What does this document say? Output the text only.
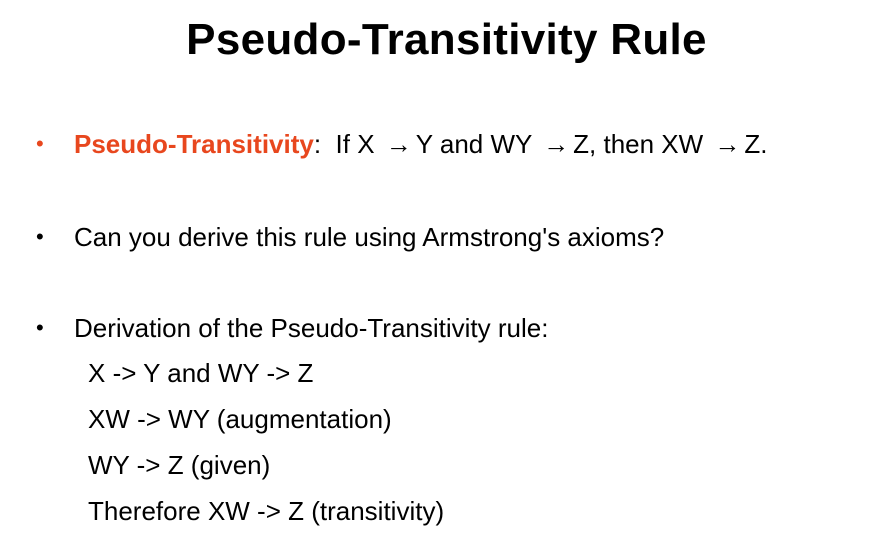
Pseudo-Transitivity Rule
•	Pseudo-Transitivity: If X → Y and WY → Z, then XW → Z.
•	Can you derive this rule using Armstrong's axioms?
•	Derivation of the Pseudo-Transitivity rule:
X -> Y and WY -> Z
XW -> WY (augmentation)
WY -> Z (given)
Therefore XW -> Z (transitivity)
